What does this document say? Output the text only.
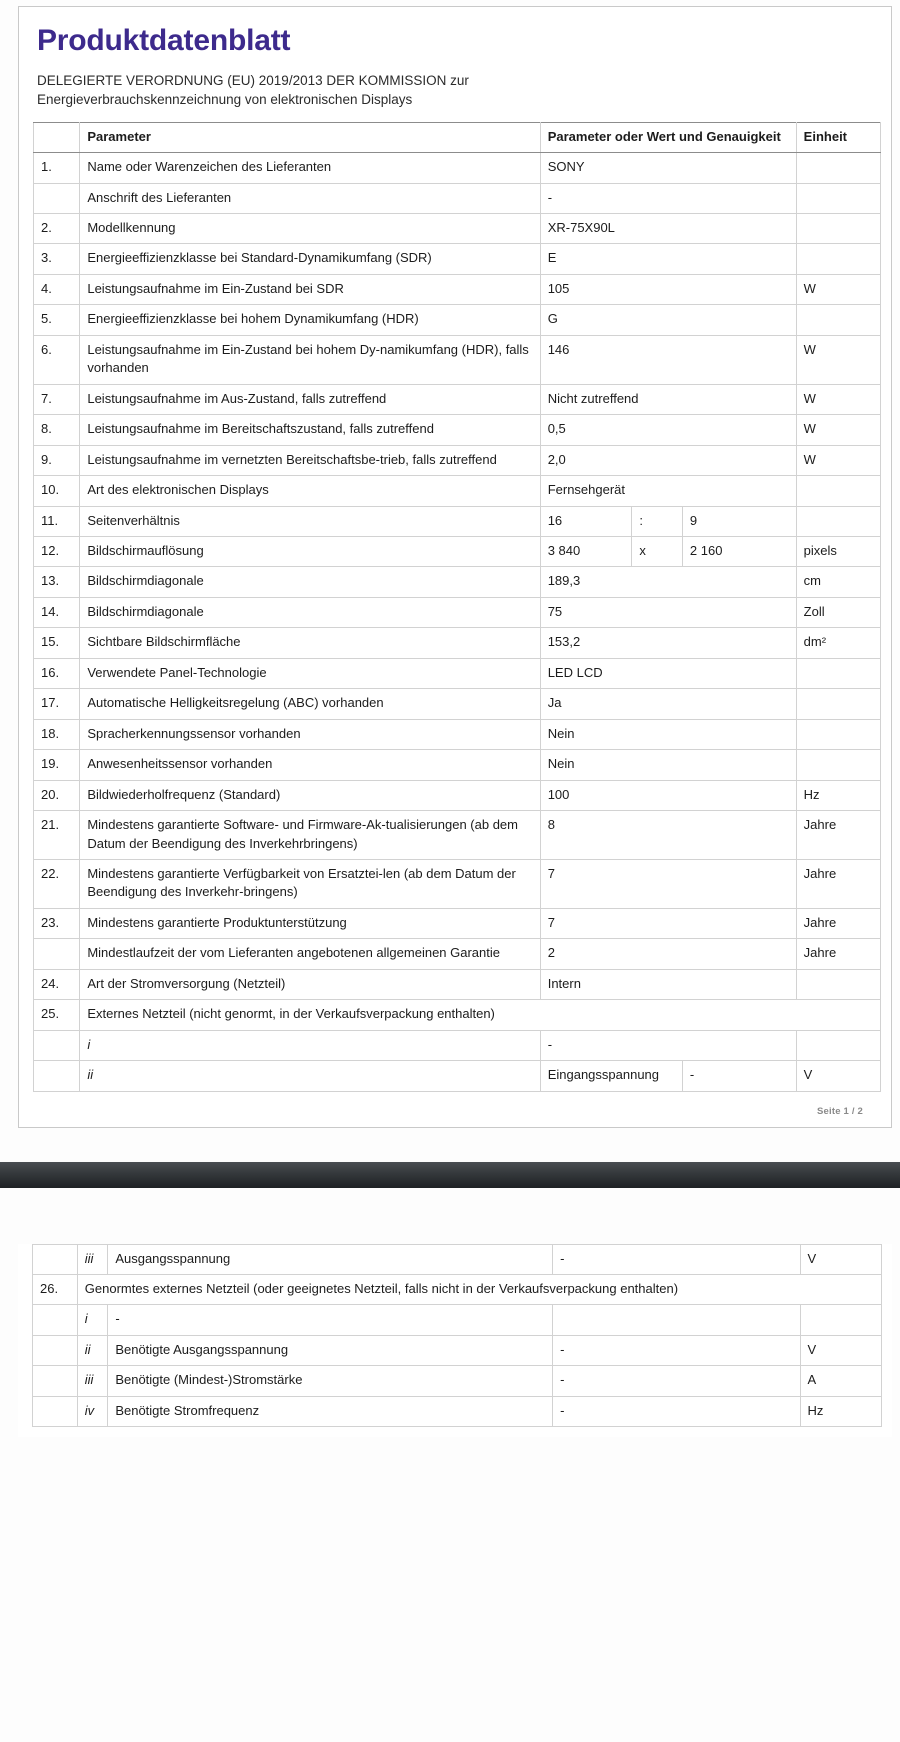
Produktdatenblatt
DELEGIERTE VERORDNUNG (EU) 2019/2013 DER KOMMISSION zur
Energieverbrauchskennzeichnung von elektronischen Displays
	Parameter	Parameter oder Wert und Genauigkeit			Einheit
1.	Name oder Warenzeichen des Lieferanten	SONY			
	Anschrift des Lieferanten	-			
2.	Modellkennung	XR-75X90L			
3.	Energieeffizienzklasse bei Standard-Dynamikumfang (SDR)	E			
4.	Leistungsaufnahme im Ein-Zustand bei SDR	105			W
5.	Energieeffizienzklasse bei hohem Dynamikumfang (HDR)	G			
6.	Leistungsaufnahme im Ein-Zustand bei hohem Dy-namikumfang (HDR), falls vorhanden	146			W
7.	Leistungsaufnahme im Aus-Zustand, falls zutreffend	Nicht zutreffend			W
8.	Leistungsaufnahme im Bereitschaftszustand, falls zutreffend	0,5			W
9.	Leistungsaufnahme im vernetzten Bereitschaftsbe-trieb, falls zutreffend	2,0			W
10.	Art des elektronischen Displays	Fernsehgerät			
11.	Seitenverhältnis	16	:	9	
12.	Bildschirmauflösung	3 840	x	2 160	pixels
13.	Bildschirmdiagonale	189,3			cm
14.	Bildschirmdiagonale	75			Zoll
15.	Sichtbare Bildschirmfläche	153,2			dm²
16.	Verwendete Panel-Technologie	LED LCD			
17.	Automatische Helligkeitsregelung (ABC) vorhanden	Ja			
18.	Spracherkennungssensor vorhanden	Nein			
19.	Anwesenheitssensor vorhanden	Nein			
20.	Bildwiederholfrequenz (Standard)	100			Hz
21.	Mindestens garantierte Software- und Firmware-Ak-tualisierungen (ab dem Datum der Beendigung des Inverkehrbringens)	8			Jahre
22.	Mindestens garantierte Verfügbarkeit von Ersatztei-len (ab dem Datum der Beendigung des Inverkehr-bringens)	7			Jahre
23.	Mindestens garantierte Produktunterstützung	7			Jahre
	Mindestlaufzeit der vom Lieferanten angebotenen allgemeinen Garantie	2			Jahre
24.	Art der Stromversorgung (Netzteil)	Intern			
25.	Externes Netzteil (nicht genormt, in der Verkaufsverpackung enthalten)				
	i	-			
	ii	Eingangsspannung		-	V
Seite 1 / 2
	iii	Ausgangsspannung	-	V
26.	Genormtes externes Netzteil (oder geeignetes Netzteil, falls nicht in der Verkaufsverpackung enthalten)			
	i	-		
	ii	Benötigte Ausgangsspannung	-	V
	iii	Benötigte (Mindest-)Stromstärke	-	A
	iv	Benötigte Stromfrequenz	-	Hz
